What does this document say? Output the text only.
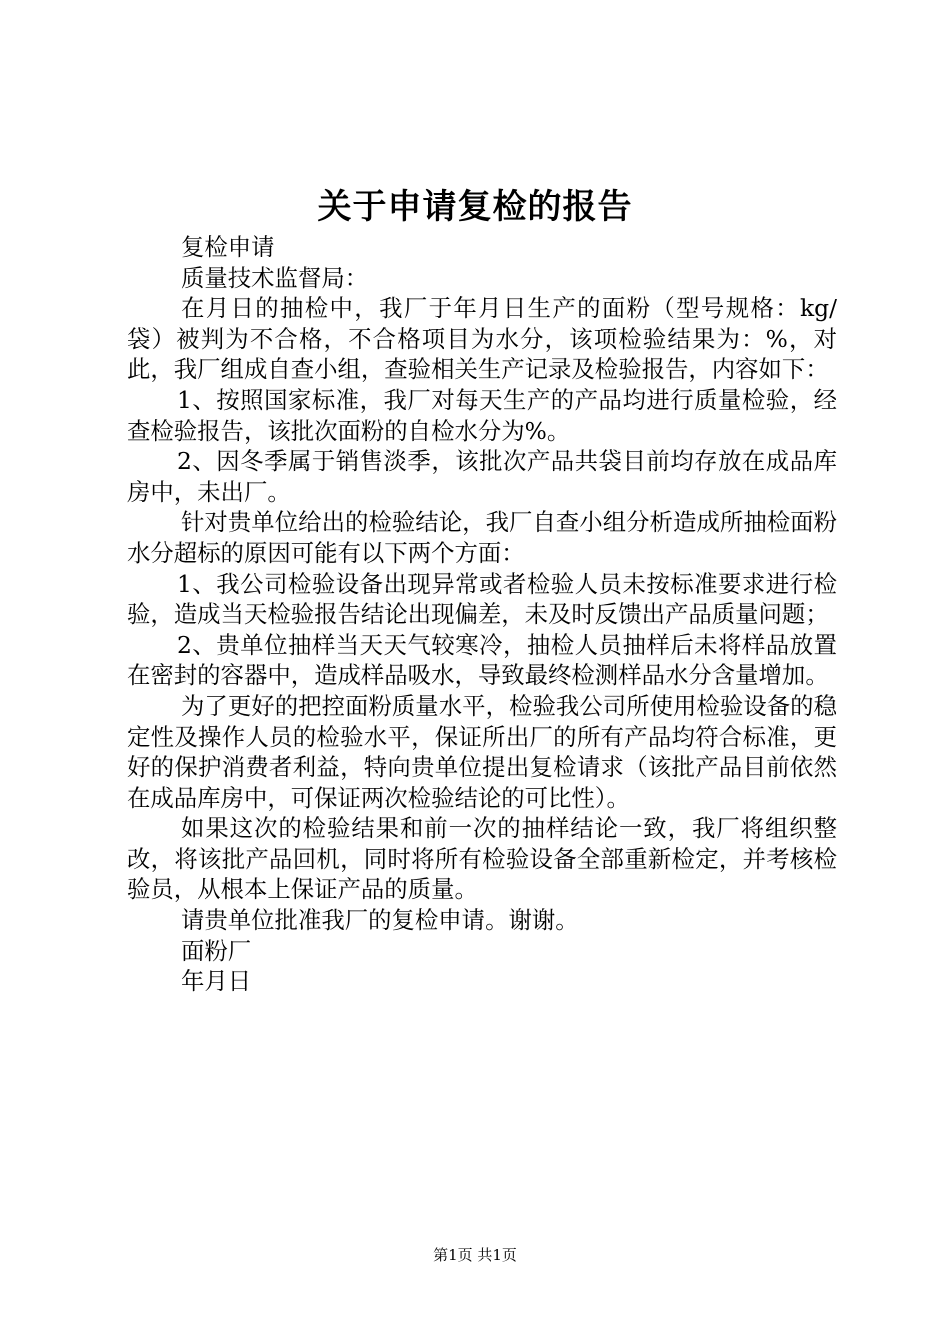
关于申请复检的报告

复检申请

质量技术监督局：

在月日的抽检中，我厂于年月日生产的面粉（型号规格：kg/袋）被判为不合格，不合格项目为水分，该项检验结果为：%，对此，我厂组成自查小组，查验相关生产记录及检验报告，内容如下：

1、按照国家标准，我厂对每天生产的产品均进行质量检验，经查检验报告，该批次面粉的自检水分为%。

2、因冬季属于销售淡季，该批次产品共袋目前均存放在成品库房中，未出厂。

针对贵单位给出的检验结论，我厂自查小组分析造成所抽检面粉水分超标的原因可能有以下两个方面：

1、我公司检验设备出现异常或者检验人员未按标准要求进行检验，造成当天检验报告结论出现偏差，未及时反馈出产品质量问题；

2、贵单位抽样当天天气较寒冷，抽检人员抽样后未将样品放置在密封的容器中，造成样品吸水，导致最终检测样品水分含量增加。

为了更好的把控面粉质量水平，检验我公司所使用检验设备的稳定性及操作人员的检验水平，保证所出厂的所有产品均符合标准，更好的保护消费者利益，特向贵单位提出复检请求（该批产品目前依然在成品库房中，可保证两次检验结论的可比性）。

如果这次的检验结果和前一次的抽样结论一致，我厂将组织整改，将该批产品回机，同时将所有检验设备全部重新检定，并考核检验员，从根本上保证产品的质量。

请贵单位批准我厂的复检申请。谢谢。

面粉厂

年月日

第1页 共1页
